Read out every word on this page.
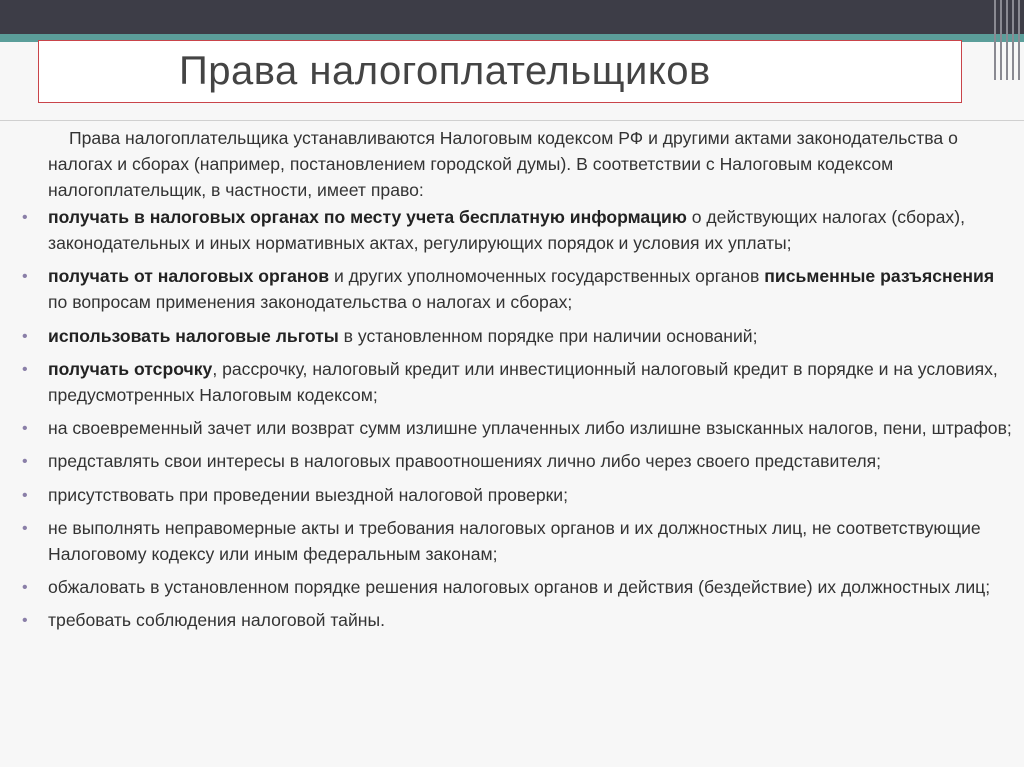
Права налогоплательщиков

Права налогоплательщика устанавливаются Налоговым кодексом РФ и другими актами законодательства о налогах и сборах (например, постановлением городской думы). В соответствии с Налоговым кодексом налогоплательщик, в частности, имеет право:

• получать в налоговых органах по месту учета бесплатную информацию о действующих налогах (сборах), законодательных и иных нормативных актах, регулирующих порядок и условия их уплаты;
• получать от налоговых органов и других уполномоченных государственных органов письменные разъяснения по вопросам применения законодательства о налогах и сборах;
• использовать налоговые льготы в установленном порядке при наличии оснований;
• получать отсрочку, рассрочку, налоговый кредит или инвестиционный налоговый кредит в порядке и на условиях, предусмотренных Налоговым кодексом;
• на своевременный зачет или возврат сумм излишне уплаченных либо излишне взысканных налогов, пени, штрафов;
• представлять свои интересы в налоговых правоотношениях лично либо через своего представителя;
• присутствовать при проведении выездной налоговой проверки;
• не выполнять неправомерные акты и требования налоговых органов и их должностных лиц, не соответствующие Налоговому кодексу или иным федеральным законам;
• обжаловать в установленном порядке решения налоговых органов и действия (бездействие) их должностных лиц;
• требовать соблюдения налоговой тайны.
